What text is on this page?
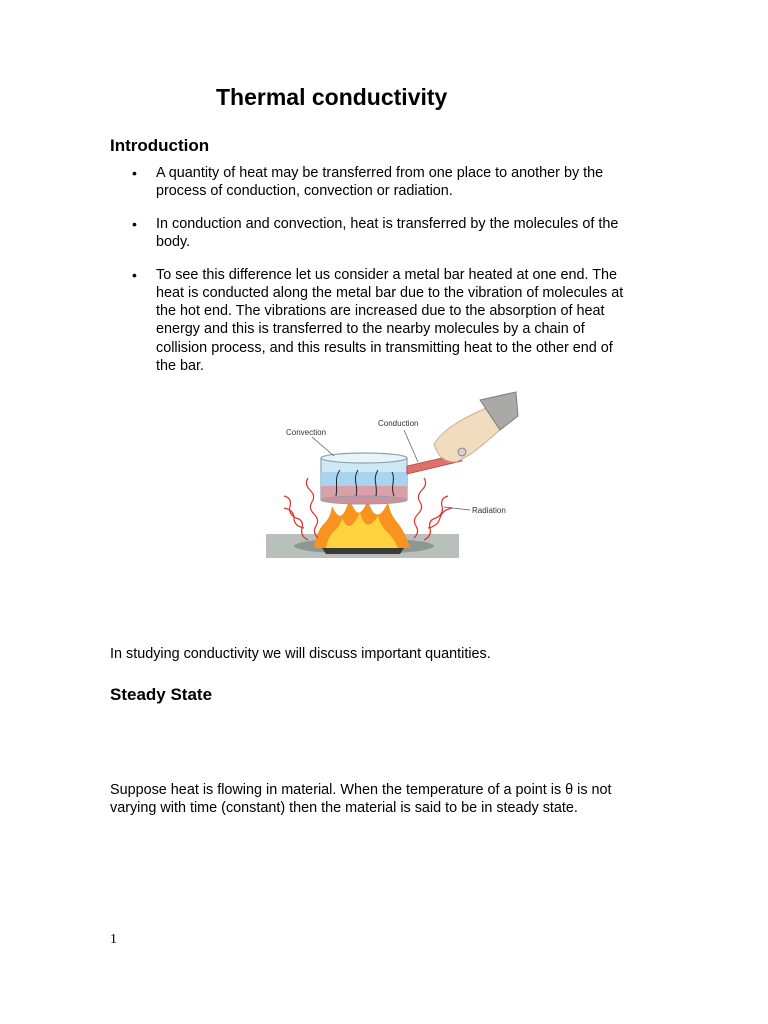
Thermal conductivity
Introduction
• A quantity of heat may be transferred from one place to another by the process of conduction, convection or radiation.
• In conduction and convection, heat is transferred by the molecules of the body.
• To see this difference let us consider a metal bar heated at one end. The heat is conducted along the metal bar due to the vibration of molecules at the hot end. The vibrations are increased due to the absorption of heat energy and this is transferred to the nearby molecules by a chain of collision process, and this results in transmitting heat to the other end of the bar.
Convection
Conduction
Radiation

In studying conductivity we will discuss important quantities.

Steady State

Suppose heat is flowing in material. When the temperature of a point is θ is not varying with time (constant) then the material is said to be in steady state.

1
